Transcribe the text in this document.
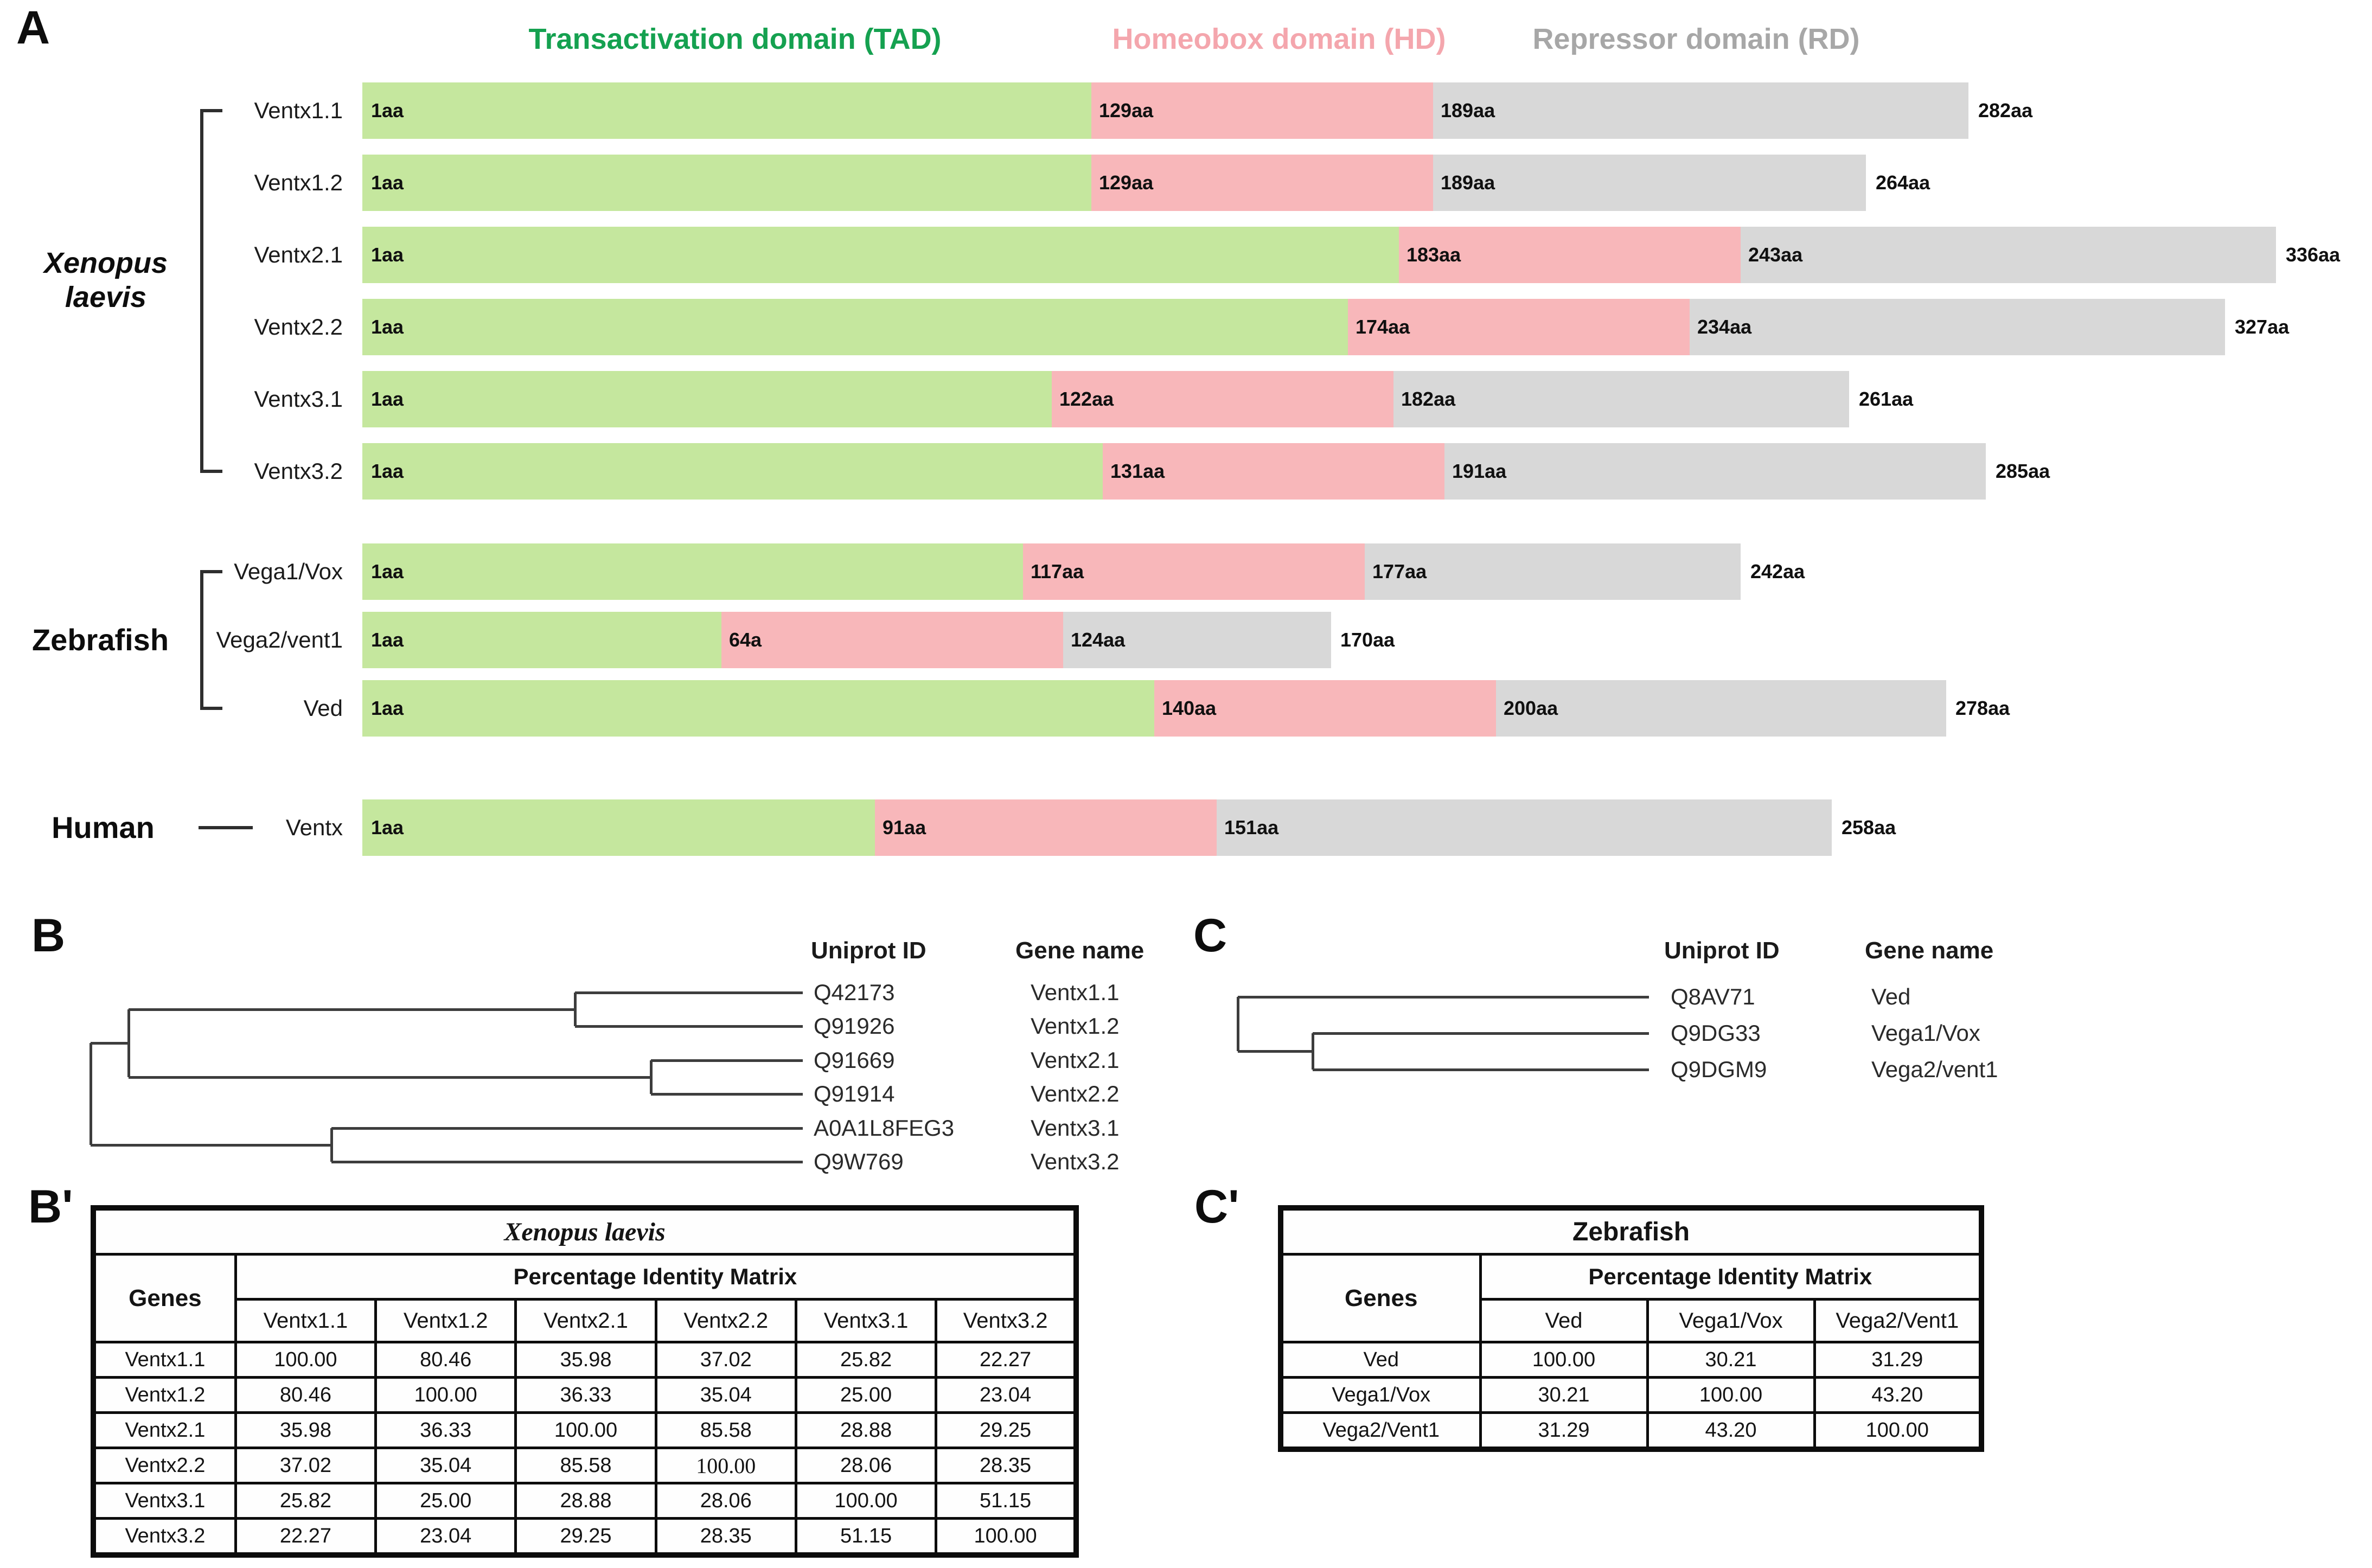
A
B	C
B'	C'
Transactivation domain (TAD)	Homeobox domain (HD)	Repressor domain (RD)
Xenopus
laevis
Ventx1.1 1aa	129aa	189aa	282aa
Ventx1.2 1aa	129aa	189aa	264aa
Ventx2.1 1aa	183aa	243aa	336aa
Ventx2.2 1aa	174aa	234aa	327aa
Ventx3.1 1aa	122aa	182aa	261aa
Ventx3.2 1aa	131aa	191aa	285aa
Zebrafish
Vega1/Vox 1aa	117aa	177aa	242aa
Vega2/vent1 1aa	64a	124aa	170aa
Ved 1aa	140aa	200aa	278aa
Human	Ventx 1aa	91aa	151aa	258aa
Uniprot ID	Gene name
Q42173	Ventx1.1
Q91926	Ventx1.2
Q91669	Ventx2.1
Q91914	Ventx2.2
A0A1L8FEG3	Ventx3.1
Q9W769	Ventx3.2
Uniprot ID	Gene name
Q8AV71	Ved
Q9DG33	Vega1/Vox
Q9DGM9	Vega2/vent1
Xenopus laevis						
Genes	Percentage Identity Matrix					
	Ventx1.1	Ventx1.2	Ventx2.1	Ventx2.2	Ventx3.1	Ventx3.2
Ventx1.1	100.00	80.46	35.98	37.02	25.82	22.27
Ventx1.2	80.46	100.00	36.33	35.04	25.00	23.04
Ventx2.1	35.98	36.33	100.00	85.58	28.88	29.25
Ventx2.2	37.02	35.04	85.58	100.00	28.06	28.35
Ventx3.1	25.82	25.00	28.88	28.06	100.00	51.15
Ventx3.2	22.27	23.04	29.25	28.35	51.15	100.00
Zebrafish			
Genes	Percentage Identity Matrix		
	Ved	Vega1/Vox	Vega2/Vent1
Ved	100.00	30.21	31.29
Vega1/Vox	30.21	100.00	43.20
Vega2/Vent1	31.29	43.20	100.00
